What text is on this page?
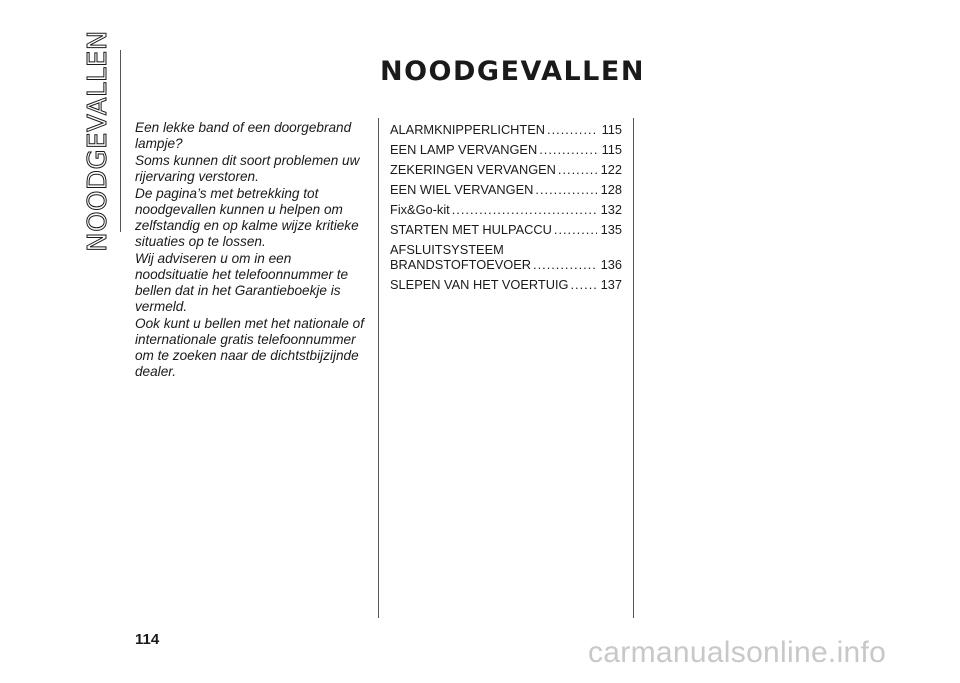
NOODGEVALLEN	NOODGEVALLEN

Een lekke band of een doorgebrand lampje?

Soms kunnen dit soort problemen uw rijervaring verstoren.

De pagina’s met betrekking tot noodgevallen kunnen u helpen om zelfstandig en op kalme wijze kritieke situaties op te lossen.

Wij adviseren u om in een noodsituatie het telefoonnummer te bellen dat in het Garantieboekje is vermeld.

Ook kunt u bellen met het nationale of internationale gratis telefoonnummer om te zoeken naar de dichtstbijzijnde dealer.

ALARMKNIPPERLICHTEN .....	115
EEN LAMP VERVANGEN .....	115
ZEKERINGEN VERVANGEN .....	122
EEN WIEL VERVANGEN .....	128
Fix&Go-kit .....	132
STARTEN MET HULPACCU .....	135
AFSLUITSYSTEEM
BRANDSTOFTOEVOER .....	136
SLEPEN VAN HET VOERTUIG .....	137
114	carmanualsonline.info
